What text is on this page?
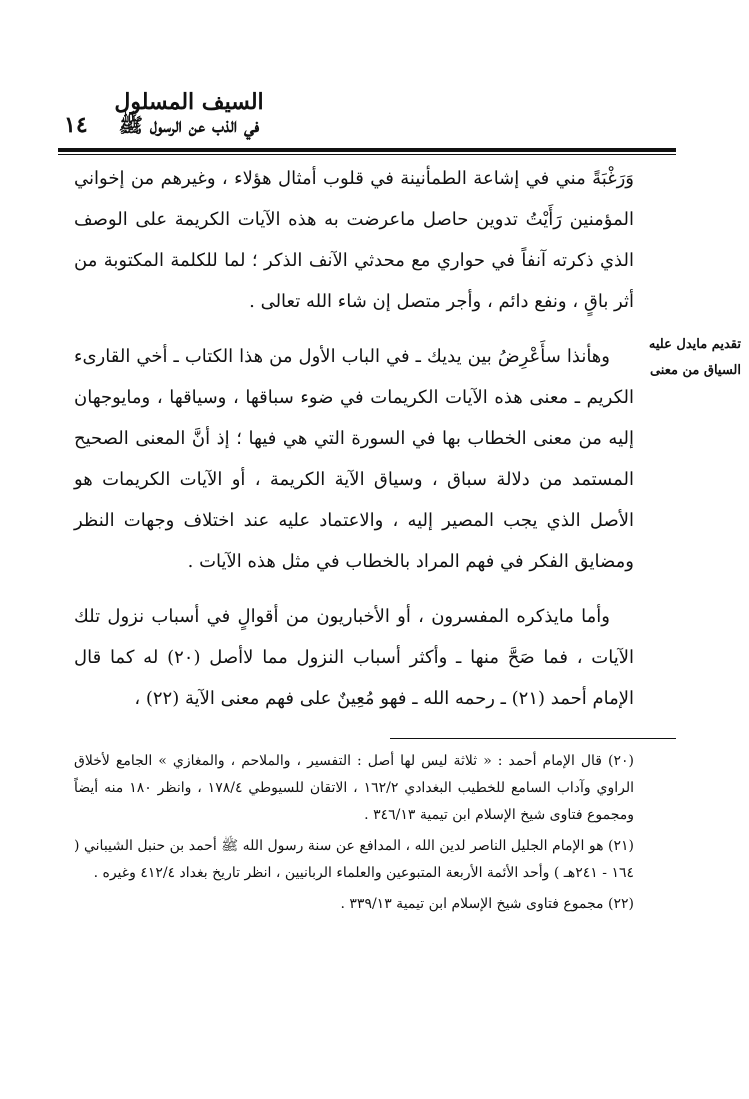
١٤
السيف المسلول
في الذب عن الرسول ﷺ
تقديم مايدل عليه
السياق من معنى

وَرَغْبَةً مني في إشاعة الطمأنينة في قلوب أمثال هؤلاء ، وغيرهم من إخواني المؤمنين رَأَيْتُ تدوين حاصل ماعرضت به هذه الآيات الكريمة على الوصف الذي ذكرته آنفاً في حواري مع محدثي الآنف الذكر ؛ لما للكلمة المكتوبة من أثر باقٍ ، ونفع دائم ، وأجر متصل إن شاء الله تعالى .

وهأنذا سأَعْرِضُ بين يديك ـ في الباب الأول من هذا الكتاب ـ أخي القارىء الكريم ـ معنى هذه الآيات الكريمات في ضوء سباقها ، وسياقها ، ومايوجهان إليه من معنى الخطاب بها في السورة التي هي فيها ؛ إذ أنَّ المعنى الصحيح المستمد من دلالة سباق ، وسياق الآية الكريمة ، أو الآيات الكريمات هو الأصل الذي يجب المصير إليه ، والاعتماد عليه عند اختلاف وجهات النظر ومضايق الفكر في فهم المراد بالخطاب في مثل هذه الآيات .

وأما مايذكره المفسرون ، أو الأخباريون من أقوالٍ في أسباب نزول تلك الآيات ، فما صَحَّ منها ـ وأكثر أسباب النزول مما لاأصل (٢٠) له كما قال الإمام أحمد (٢١) ـ رحمه الله ـ فهو مُعِينٌ على فهم معنى الآية (٢٢) ،

(٢٠) قال الإمام أحمد : « ثلاثة ليس لها أصل : التفسير ، والملاحم ، والمغازي » الجامع لأخلاق الراوي وآداب السامع للخطيب البغدادي ١٦٢/٢ ، الاتقان للسيوطي ١٧٨/٤ ، وانظر ١٨٠ منه أيضاً ومجموع فتاوى شيخ الإسلام ابن تيمية ٣٤٦/١٣ .

(٢١) هو الإمام الجليل الناصر لدين الله ، المدافع عن سنة رسول الله ﷺ أحمد بن حنبل الشيباني ( ١٦٤ - ٢٤١هـ ) وأحد الأئمة الأربعة المتبوعين والعلماء الربانيين ، انظر تاريخ بغداد ٤١٢/٤ وغيره .

(٢٢) مجموع فتاوى شيخ الإسلام ابن تيمية ٣٣٩/١٣ .
